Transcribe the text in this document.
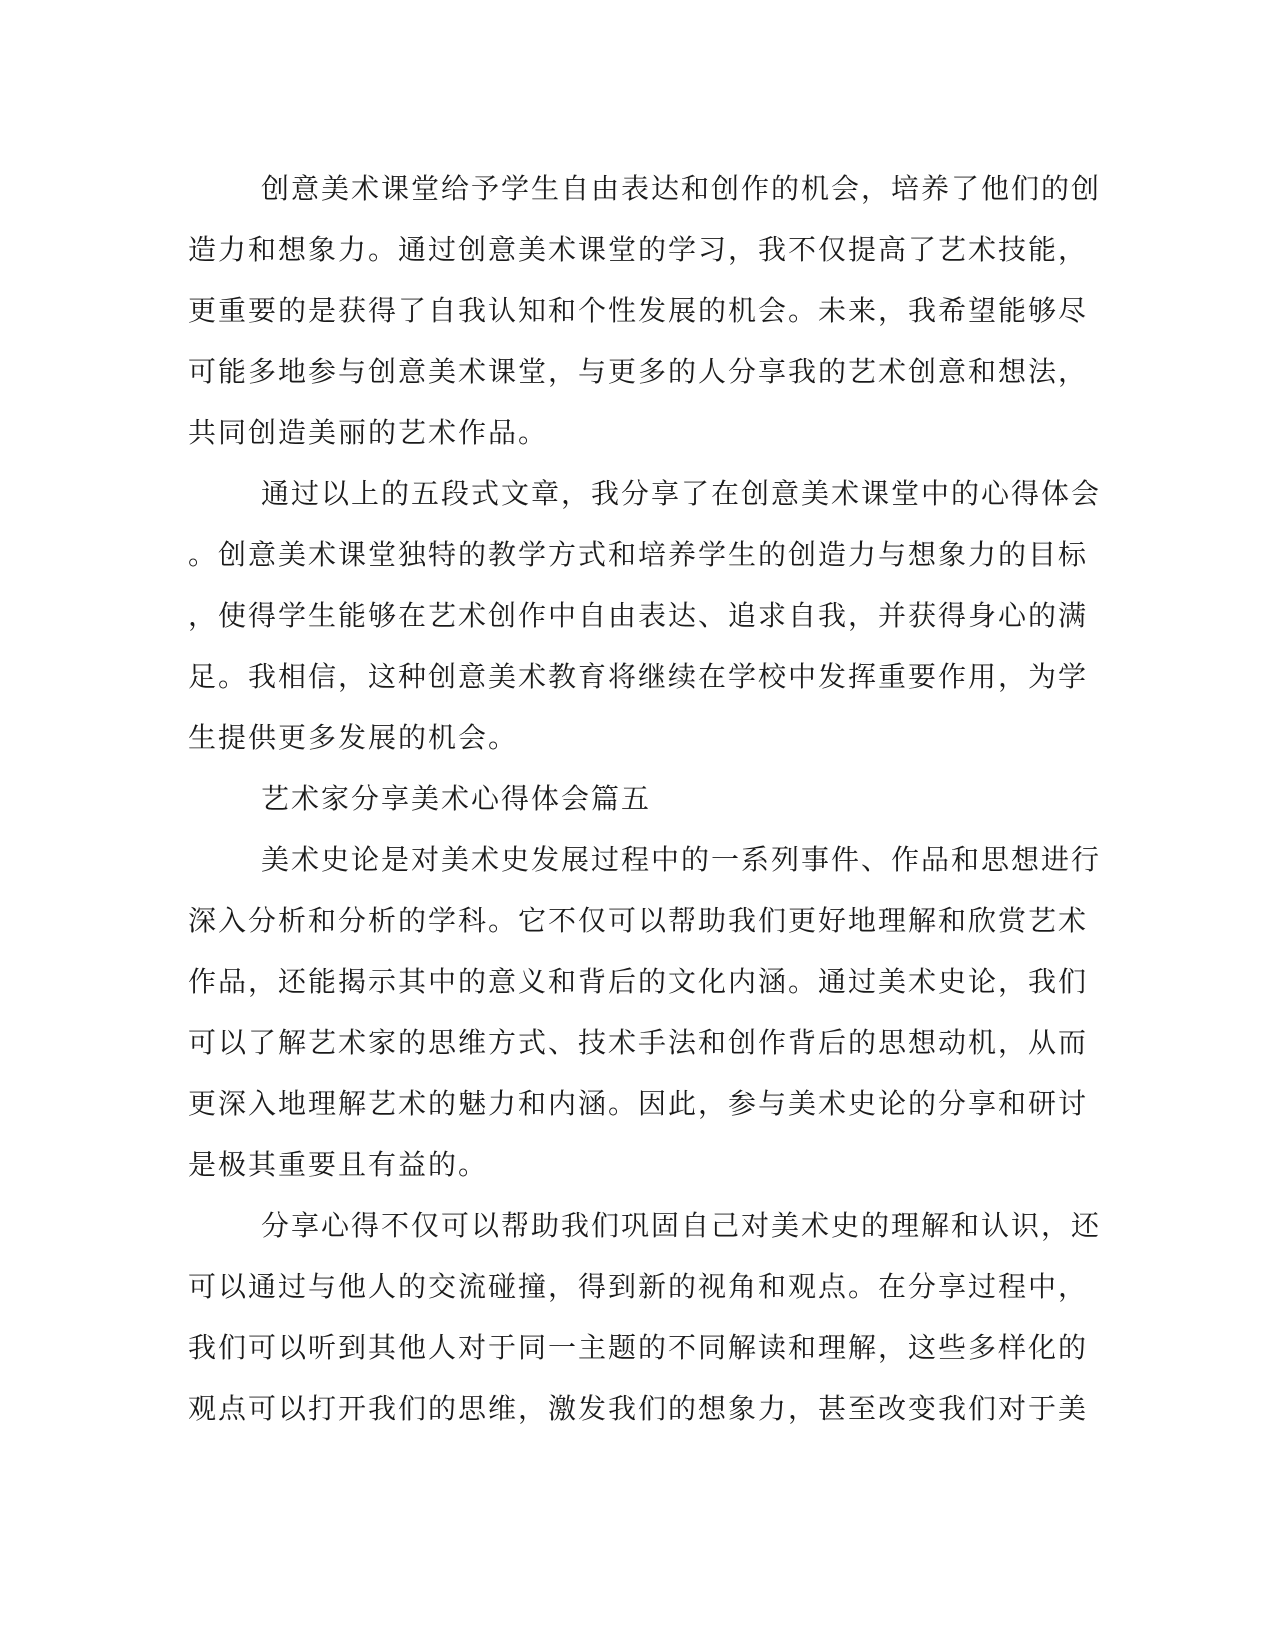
创意美术课堂给予学生自由表达和创作的机会，培养了他们的创
造力和想象力。通过创意美术课堂的学习，我不仅提高了艺术技能，
更重要的是获得了自我认知和个性发展的机会。未来，我希望能够尽
可能多地参与创意美术课堂，与更多的人分享我的艺术创意和想法，
共同创造美丽的艺术作品。
通过以上的五段式文章，我分享了在创意美术课堂中的心得体会
。创意美术课堂独特的教学方式和培养学生的创造力与想象力的目标
，使得学生能够在艺术创作中自由表达、追求自我，并获得身心的满
足。我相信，这种创意美术教育将继续在学校中发挥重要作用，为学
生提供更多发展的机会。
艺术家分享美术心得体会篇五
美术史论是对美术史发展过程中的一系列事件、作品和思想进行
深入分析和分析的学科。它不仅可以帮助我们更好地理解和欣赏艺术
作品，还能揭示其中的意义和背后的文化内涵。通过美术史论，我们
可以了解艺术家的思维方式、技术手法和创作背后的思想动机，从而
更深入地理解艺术的魅力和内涵。因此，参与美术史论的分享和研讨
是极其重要且有益的。
分享心得不仅可以帮助我们巩固自己对美术史的理解和认识，还
可以通过与他人的交流碰撞，得到新的视角和观点。在分享过程中，
我们可以听到其他人对于同一主题的不同解读和理解，这些多样化的
观点可以打开我们的思维，激发我们的想象力，甚至改变我们对于美
